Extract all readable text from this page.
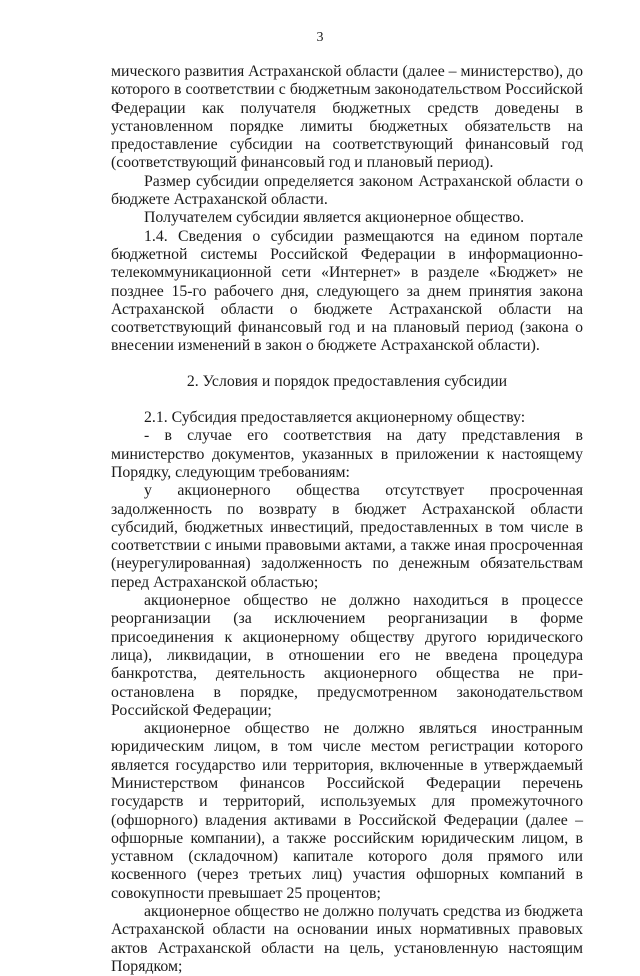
3

мического развития Астраханской области (далее – министерство), до которого в соответствии с бюджетным законодательством Российской Федерации как получателя бюджетных средств доведены в установленном порядке лимиты бюджетных обязательств на предоставление субсидии на соответствующий финансовый год (соответствующий финансовый год и плановый период).

Размер субсидии определяется законом Астраханской области о бюджете Астраханской области.

Получателем субсидии является акционерное общество.

1.4. Сведения о субсидии размещаются на едином портале бюджетной системы Российской Федерации в информационно-телекоммуникационной сети «Интернет» в разделе «Бюджет» не позднее 15-го рабочего дня, следующего за днем принятия закона Астраханской области о бюджете Астраханской области на соответствующий финансовый год и на плановый период (закона о внесении изменений в закон о бюджете Астраханской области).

2. Условия и порядок предоставления субсидии

2.1. Субсидия предоставляется акционерному обществу:

- в случае его соответствия на дату представления в министерство документов, указанных в приложении к настоящему Порядку, следующим требованиям:

у акционерного общества отсутствует просроченная задолженность по возврату в бюджет Астраханской области субсидий, бюджетных инвестиций, предоставленных в том числе в соответствии с иными правовыми актами, а также иная просроченная (неурегулированная) задолженность по денежным обязательствам перед Астраханской областью;

акционерное общество не должно находиться в процессе реорганизации (за исключением реорганизации в форме присоединения к акционерному обществу другого юридического лица), ликвидации, в отношении его не введена процедура банкротства, деятельность акционерного общества не приостановлена в порядке, предусмотренном законодательством Российской Федерации;

акционерное общество не должно являться иностранным юридическим лицом, в том числе местом регистрации которого является государство или территория, включенные в утверждаемый Министерством финансов Российской Федерации перечень государств и территорий, используемых для промежуточного (офшорного) владения активами в Российской Федерации (далее – офшорные компании), а также российским юридическим лицом, в уставном (складочном) капитале которого доля прямого или косвенного (через третьих лиц) участия офшорных компаний в совокупности превышает 25 процентов;

акционерное общество не должно получать средства из бюджета Астраханской области на основании иных нормативных правовых актов Астраханской области на цель, установленную настоящим Порядком;
